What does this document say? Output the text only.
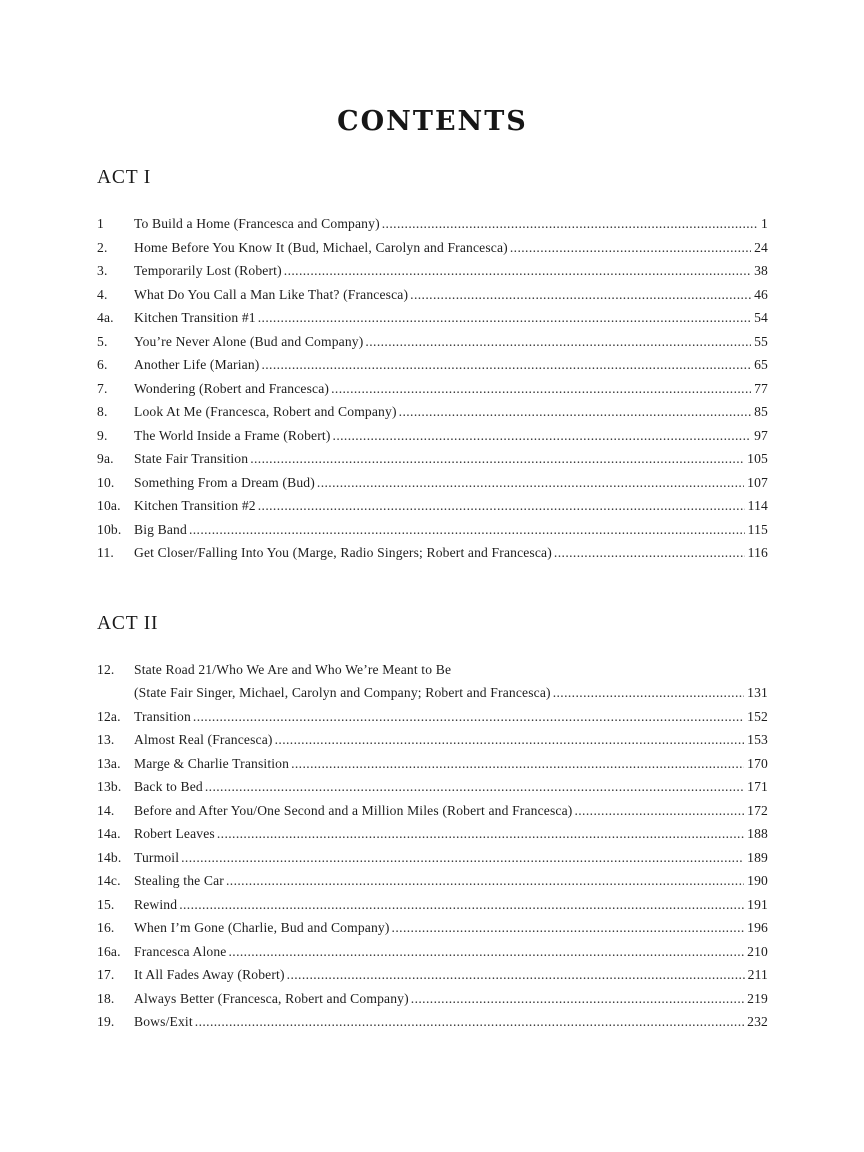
CONTENTS
ACT I
1	To Build a Home (Francesca and Company) . . .	1
2.	Home Before You Know It (Bud, Michael, Carolyn and Francesca) . . .	24
3.	Temporarily Lost (Robert) . . .	38
4.	What Do You Call a Man Like That? (Francesca) . . .	46
4a.	Kitchen Transition #1 . . .	54
5.	You’re Never Alone (Bud and Company) . . .	55
6.	Another Life (Marian) . . .	65
7.	Wondering (Robert and Francesca) . . .	77
8.	Look At Me (Francesca, Robert and Company) . . .	85
9.	The World Inside a Frame (Robert) . . .	97
9a.	State Fair Transition . . .	105
10.	Something From a Dream (Bud) . . .	107
10a. Kitchen Transition #2 . . .	114
10b. Big Band . . .	115
11.	Get Closer/Falling Into You (Marge, Radio Singers; Robert and Francesca) . . .	116
ACT II
12.	State Road 21/Who We Are and Who We’re Meant to Be
(State Fair Singer, Michael, Carolyn and Company; Robert and Francesca) . . .	131
12a. Transition . . .	152
13.	Almost Real (Francesca) . . .	153
13a. Marge & Charlie Transition . . .	170
13b. Back to Bed . . .	171
14.	Before and After You/One Second and a Million Miles (Robert and Francesca) . . .	172
14a. Robert Leaves . . .	188
14b. Turmoil . . .	189
14c. Stealing the Car . . .	190
15.	Rewind . . .	191
16.	When I’m Gone (Charlie, Bud and Company) . . .	196
16a. Francesca Alone . . .	210
17.	It All Fades Away (Robert) . . .	211
18.	Always Better (Francesca, Robert and Company) . . .	219
19.	Bows/Exit . . .	232
